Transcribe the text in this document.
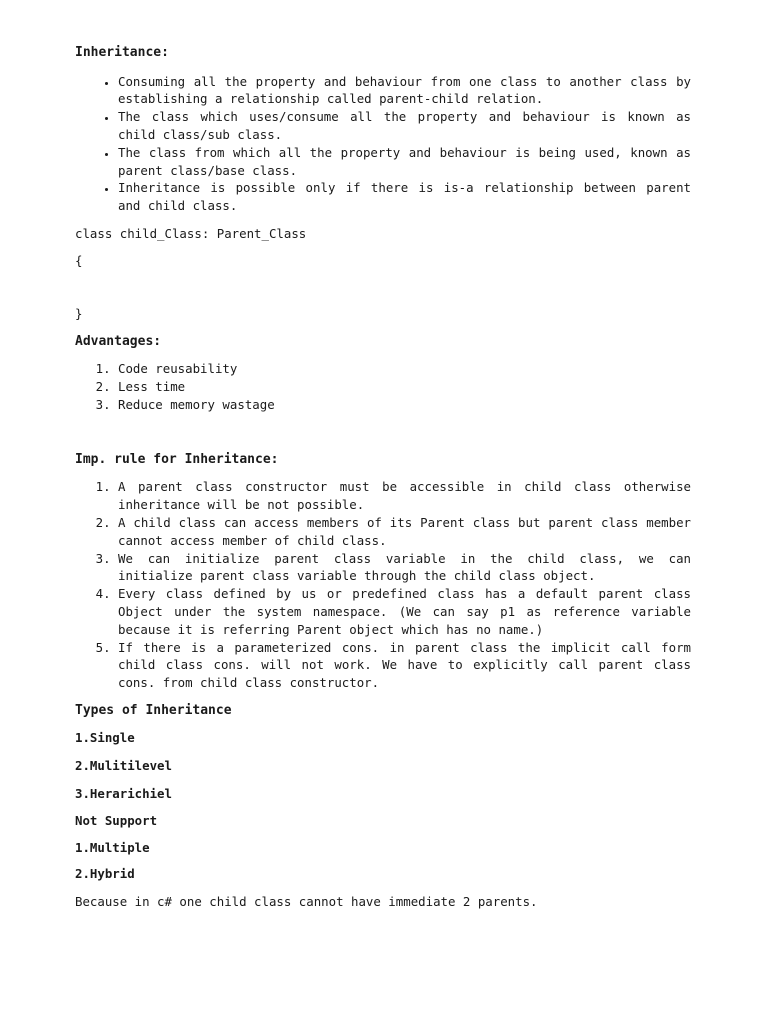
Inheritance:

• Consuming all the property and behaviour from one class to another class by establishing a relationship called parent-child relation.
• The class which uses/consume all the property and behaviour is known as child class/sub class.
• The class from which all the property and behaviour is being used, known as parent class/base class.
• Inheritance is possible only if there is is-a relationship between parent and child class.

class child_Class: Parent_Class

{

}

Advantages:

1. Code reusability
2. Less time
3. Reduce memory wastage

Imp. rule for Inheritance:

1. A parent class constructor must be accessible in child class otherwise inheritance will be not possible.
2. A child class can access members of its Parent class but parent class member cannot access member of child class.
3. We can initialize parent class variable in the child class, we can initialize parent class variable through the child class object.
4. Every class defined by us or predefined class has a default parent class Object under the system namespace. (We can say p1 as reference variable because it is referring Parent object which has no name.)
5. If there is a parameterized cons. in parent class the implicit call form child class cons. will not work. We have to explicitly call parent class cons. from child class constructor.

Types of Inheritance

1.Single

2.Mulitilevel

3.Herarichiel

Not Support

1.Multiple

2.Hybrid

Because in c# one child class cannot have immediate 2 parents.
